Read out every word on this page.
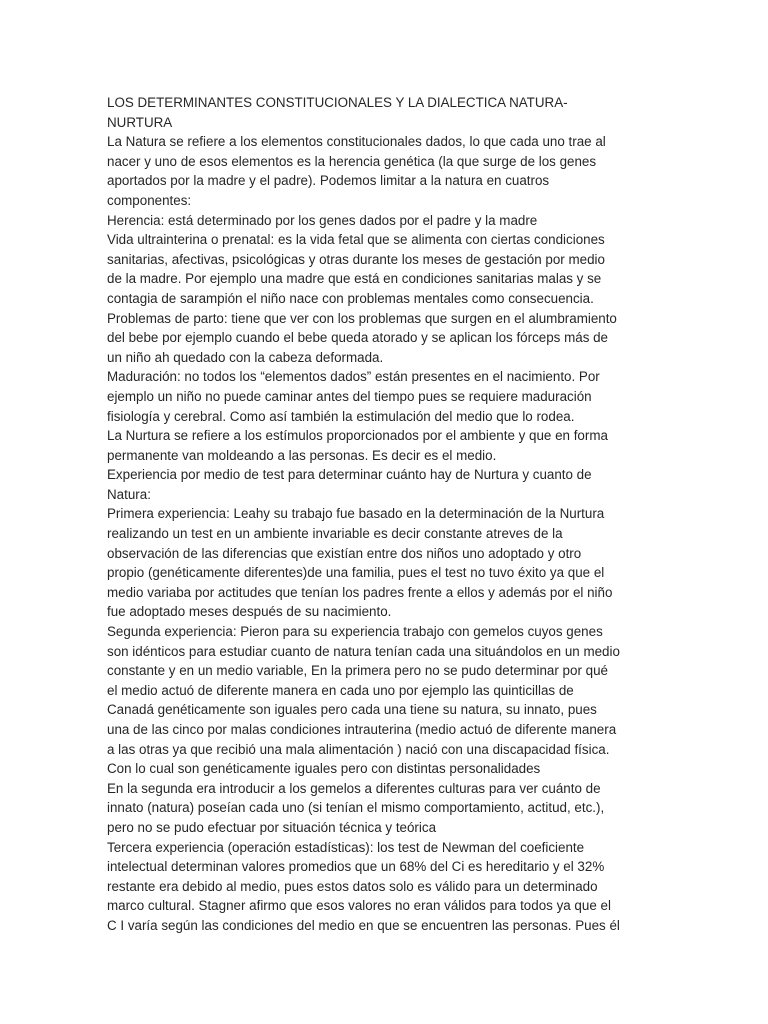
LOS DETERMINANTES CONSTITUCIONALES Y LA DIALECTICA NATURA-
NURTURA
La Natura se refiere a los elementos constitucionales dados, lo que cada uno trae al
nacer y uno de esos elementos es la herencia genética (la que surge de los genes
aportados por la madre y el padre). Podemos limitar a la natura en cuatros
componentes:
Herencia: está determinado por los genes dados por el padre y la madre
Vida ultrainterina o prenatal: es la vida fetal que se alimenta con ciertas condiciones
sanitarias, afectivas, psicológicas y otras durante los meses de gestación por medio
de la madre. Por ejemplo una madre que está en condiciones sanitarias malas y se
contagia de sarampión el niño nace con problemas mentales como consecuencia.
Problemas de parto: tiene que ver con los problemas que surgen en el alumbramiento
del bebe por ejemplo cuando el bebe queda atorado y se aplican los fórceps más de
un niño ah quedado con la cabeza deformada.
Maduración: no todos los “elementos dados” están presentes en el nacimiento. Por
ejemplo un niño no puede caminar antes del tiempo pues se requiere maduración
fisiología y cerebral. Como así también la estimulación del medio que lo rodea.
La Nurtura se refiere a los estímulos proporcionados por el ambiente y que en forma
permanente van moldeando a las personas. Es decir es el medio.
Experiencia por medio de test para determinar cuánto hay de Nurtura y cuanto de
Natura:
Primera experiencia: Leahy su trabajo fue basado en la determinación de la Nurtura
realizando un test en un ambiente invariable es decir constante atreves de la
observación de las diferencias que existían entre dos niños uno adoptado y otro
propio (genéticamente diferentes)de una familia, pues el test no tuvo éxito ya que el
medio variaba por actitudes que tenían los padres frente a ellos y además por el niño
fue adoptado meses después de su nacimiento.
Segunda experiencia: Pieron para su experiencia trabajo con gemelos cuyos genes
son idénticos para estudiar cuanto de natura tenían cada una situándolos en un medio
constante y en un medio variable, En la primera pero no se pudo determinar por qué
el medio actuó de diferente manera en cada uno por ejemplo las quinticillas de
Canadá genéticamente son iguales pero cada una tiene su natura, su innato, pues
una de las cinco por malas condiciones intrauterina (medio actuó de diferente manera
a las otras ya que recibió una mala alimentación ) nació con una discapacidad física.
Con lo cual son genéticamente iguales pero con distintas personalidades
En la segunda era introducir a los gemelos a diferentes culturas para ver cuánto de
innato (natura) poseían cada uno (si tenían el mismo comportamiento, actitud, etc.),
pero no se pudo efectuar por situación técnica y teórica
Tercera experiencia (operación estadísticas): los test de Newman del coeficiente
intelectual determinan valores promedios que un 68% del Ci es hereditario y el 32%
restante era debido al medio, pues estos datos solo es válido para un determinado
marco cultural. Stagner afirmo que esos valores no eran válidos para todos ya que el
C I varía según las condiciones del medio en que se encuentren las personas. Pues él
